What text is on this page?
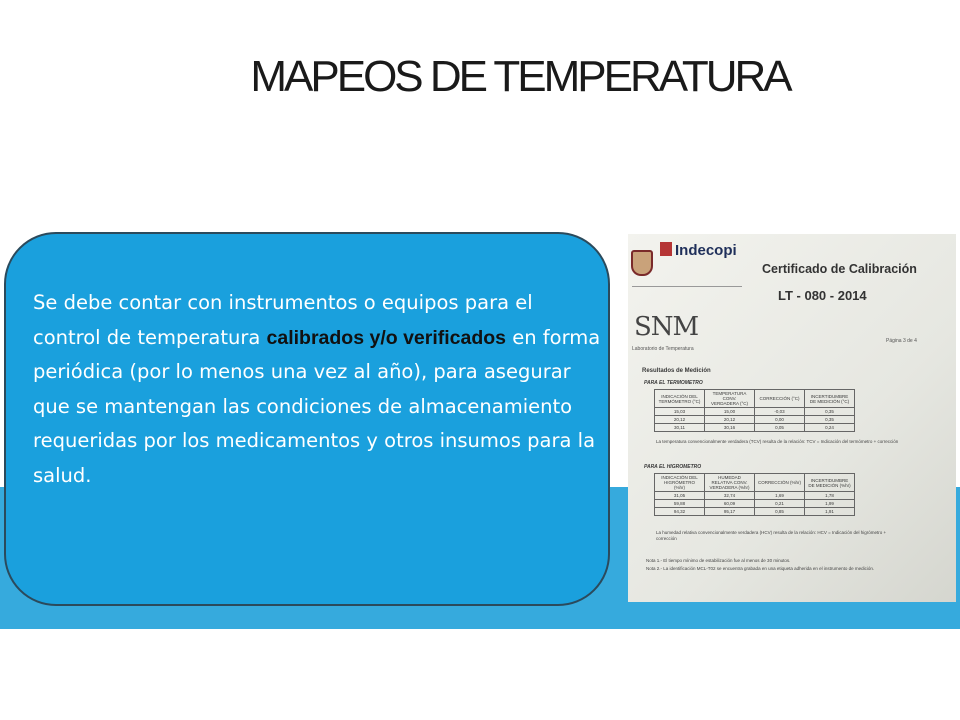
MAPEOS DE TEMPERATURA

Se debe contar con instrumentos o equipos para el control de temperatura calibrados y/o verificados en forma periódica (por lo menos una vez al año), para asegurar que se mantengan las condiciones de almacenamiento requeridas por los medicamentos y otros insumos para la salud.

Indecopi
SNM
Laboratorio de Temperatura
Certificado de Calibración
LT - 080 - 2014
Página 3 de 4
Resultados de Medición
PARA EL TERMOMETRO
INDICACIÓN DEL TERMÓMETRO (°C)	TEMPERATURA CONV. VERDADERA (°C)	CORRECCIÓN (°C)	INCERTIDUMBRE DE MEDICIÓN (°C)
15,03	15,00	-0,03	0,35
20,12	20,12	0,00	0,35
30,11	30,16	0,05	0,24
La temperatura convencionalmente verdadera (TCV) resulta de la relación: TCV = Indicación del termómetro + corrección
PARA EL HIGROMETRO
INDICACIÓN DEL HIGRÓMETRO (%hr)	HUMEDAD RELATIVA CONV. VERDADERA (%hr)	CORRECCIÓN (%hr)	INCERTIDUMBRE DE MEDICIÓN (%hr)
31,05	32,74	1,69	1,78
59,88	60,09	0,21	1,99
94,32	95,17	0,85	1,91
La humedad relativa convencionalmente verdadera (HCV) resulta de la relación: HCV = Indicación del higrómetro + corrección
Nota 1.- El tiempo mínimo de estabilización fue al menos de 30 minutos.
Nota 2.- La identificación MCL-T02 se encuentra grabada en una etiqueta adherida en el instrumento de medición.
